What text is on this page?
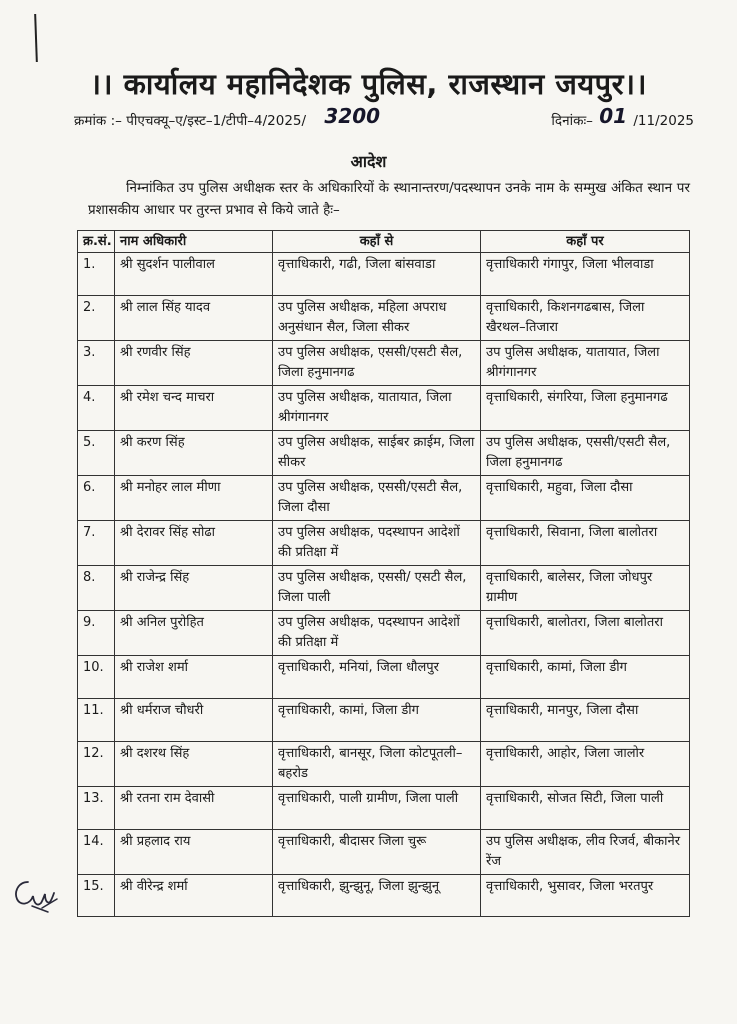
।। कार्यालय महानिदेशक पुलिस, राजस्थान जयपुर।।
क्रमांक :– पीएचक्यू–ए/इस्ट–1/टीपी–4/2025/ 3200	दिनांकः– 01 /11/2025
आदेश
निम्नांकित उप पुलिस अधीक्षक स्तर के अधिकारियों के स्थानान्तरण/पदस्थापन उनके नाम के सम्मुख अंकित स्थान पर प्रशासकीय आधार पर तुरन्त प्रभाव से किये जाते हैः–
क्र.सं.	नाम अधिकारी	कहाँ से	कहाँ पर
1.	श्री सुदर्शन पालीवाल	वृत्ताधिकारी, गढी, जिला बांसवाडा	वृत्ताधिकारी गंगापुर, जिला भीलवाडा
2.	श्री लाल सिंह यादव	उप पुलिस अधीक्षक, महिला अपराध अनुसंधान सैल, जिला सीकर	वृत्ताधिकारी, किशनगढबास, जिला खैरथल–तिजारा
3.	श्री रणवीर सिंह	उप पुलिस अधीक्षक, एससी/एसटी सैल, जिला हनुमानगढ	उप पुलिस अधीक्षक, यातायात, जिला श्रीगंगानगर
4.	श्री रमेश चन्द माचरा	उप पुलिस अधीक्षक, यातायात, जिला श्रीगंगानगर	वृत्ताधिकारी, संगरिया, जिला हनुमानगढ
5.	श्री करण सिंह	उप पुलिस अधीक्षक, साईबर क्राईम, जिला सीकर	उप पुलिस अधीक्षक, एससी/एसटी सैल, जिला हनुमानगढ
6.	श्री मनोहर लाल मीणा	उप पुलिस अधीक्षक, एससी/एसटी सैल, जिला दौसा	वृत्ताधिकारी, महुवा, जिला दौसा
7.	श्री देरावर सिंह सोढा	उप पुलिस अधीक्षक, पदस्थापन आदेशों की प्रतिक्षा में	वृत्ताधिकारी, सिवाना, जिला बालोतरा
8.	श्री राजेन्द्र सिंह	उप पुलिस अधीक्षक, एससी/ एसटी सैल, जिला पाली	वृत्ताधिकारी, बालेसर, जिला जोधपुर ग्रामीण
9.	श्री अनिल पुरोहित	उप पुलिस अधीक्षक, पदस्थापन आदेशों की प्रतिक्षा में	वृत्ताधिकारी, बालोतरा, जिला बालोतरा
10.	श्री राजेश शर्मा	वृत्ताधिकारी, मनियां, जिला धौलपुर	वृत्ताधिकारी, कामां, जिला डीग
11.	श्री धर्मराज चौधरी	वृत्ताधिकारी, कामां, जिला डीग	वृत्ताधिकारी, मानपुर, जिला दौसा
12.	श्री दशरथ सिंह	वृत्ताधिकारी, बानसूर, जिला कोटपूतली–बहरोड	वृत्ताधिकारी, आहोर, जिला जालोर
13.	श्री रतना राम देवासी	वृत्ताधिकारी, पाली ग्रामीण, जिला पाली	वृत्ताधिकारी, सोजत सिटी, जिला पाली
14.	श्री प्रहलाद राय	वृत्ताधिकारी, बीदासर जिला चुरू	उप पुलिस अधीक्षक, लीव रिजर्व, बीकानेर रेंज
15.	श्री वीरेन्द्र शर्मा	वृत्ताधिकारी, झुन्झुनू, जिला झुन्झुनू	वृत्ताधिकारी, भुसावर, जिला भरतपुर
